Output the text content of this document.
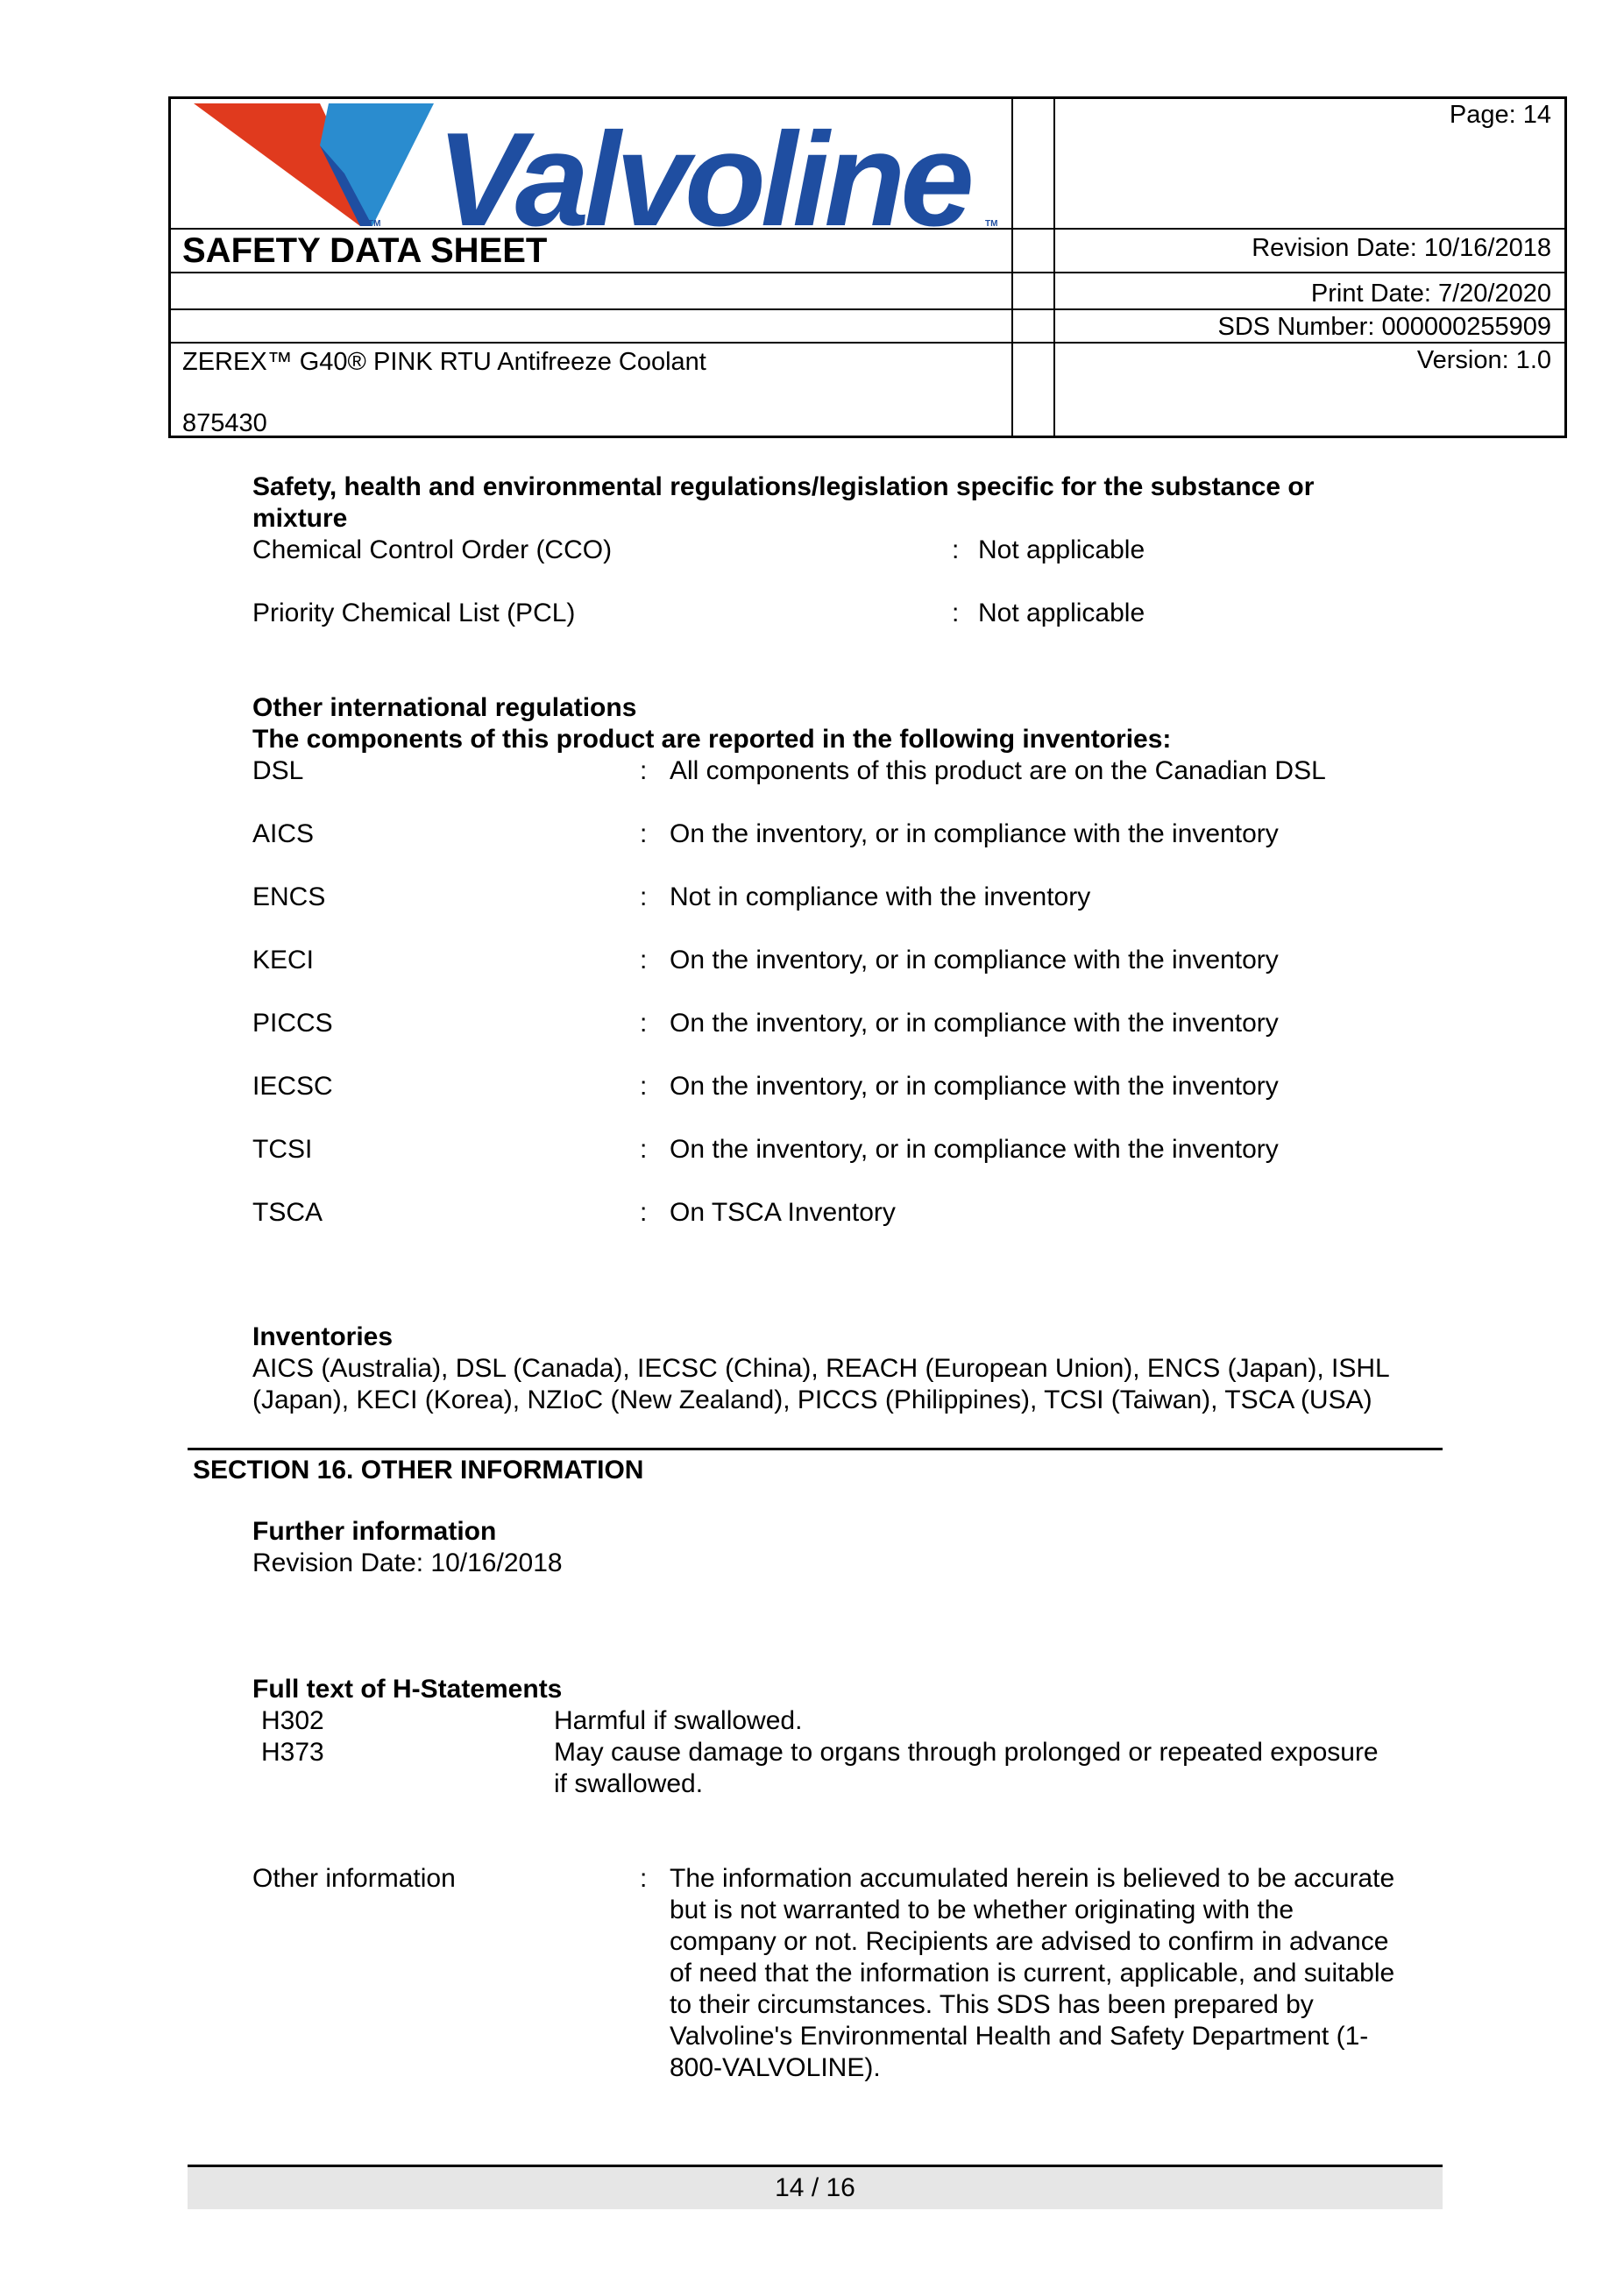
Valvoline TM
TM
Page: 14
SAFETY DATA SHEET	Revision Date: 10/16/2018
Print Date: 7/20/2020
SDS Number: 000000255909
Version: 1.0
ZEREX™ G40® PINK RTU Antifreeze Coolant
875430
Safety, health and environmental regulations/legislation specific for the substance or
mixture
Chemical Control Order (CCO)	: Not applicable
Priority Chemical List (PCL)	: Not applicable
Other international regulations
The components of this product are reported in the following inventories:
DSL	: All components of this product are on the Canadian DSL
AICS	: On the inventory, or in compliance with the inventory
ENCS	: Not in compliance with the inventory
KECI	: On the inventory, or in compliance with the inventory
PICCS	: On the inventory, or in compliance with the inventory
IECSC	: On the inventory, or in compliance with the inventory
TCSI	: On the inventory, or in compliance with the inventory
TSCA	: On TSCA Inventory
Inventories
AICS (Australia), DSL (Canada), IECSC (China), REACH (European Union), ENCS (Japan), ISHL
(Japan), KECI (Korea), NZIoC (New Zealand), PICCS (Philippines), TCSI (Taiwan), TSCA (USA)
SECTION 16. OTHER INFORMATION
Further information
Revision Date: 10/16/2018
Full text of H-Statements
H302	Harmful if swallowed.
H373	May cause damage to organs through prolonged or repeated exposure
if swallowed.
Other information	: The information accumulated herein is believed to be accurate
but is not warranted to be whether originating with the
company or not. Recipients are advised to confirm in advance
of need that the information is current, applicable, and suitable
to their circumstances. This SDS has been prepared by
Valvoline's Environmental Health and Safety Department (1-
800-VALVOLINE).
14 / 16
